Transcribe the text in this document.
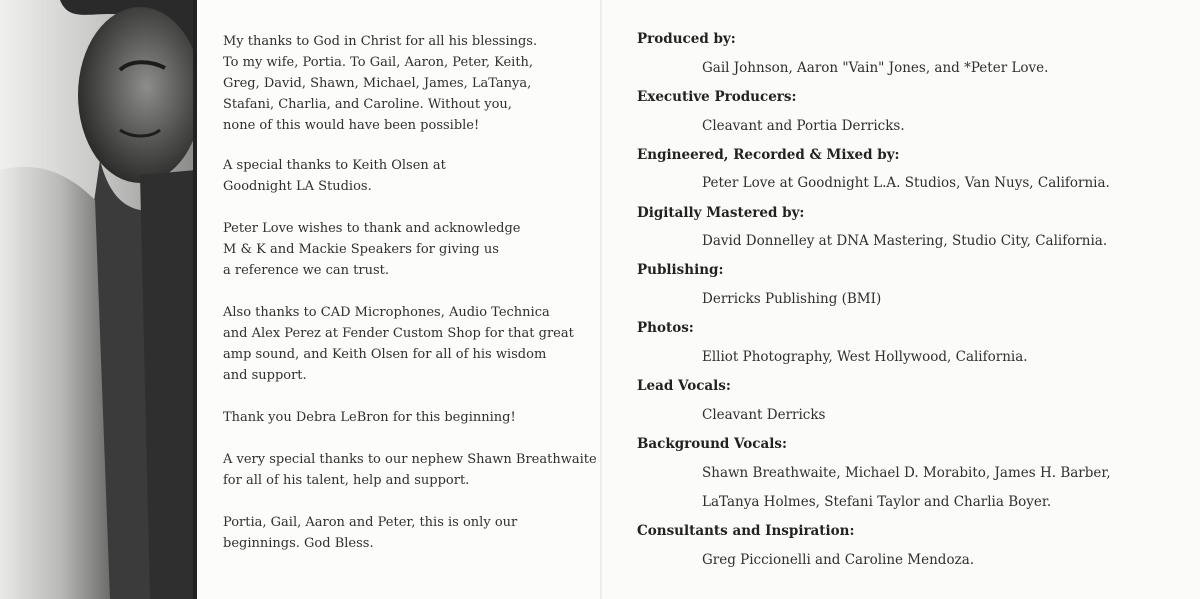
My thanks to God in Christ for all his blessings.
To my wife, Portia. To Gail, Aaron, Peter, Keith,
Greg, David, Shawn, Michael, James, LaTanya,
Stafani, Charlia, and Caroline. Without you,
none of this would have been possible!
A special thanks to Keith Olsen at
Goodnight LA Studios.
Peter Love wishes to thank and acknowledge
M & K and Mackie Speakers for giving us
a reference we can trust.
Also thanks to CAD Microphones, Audio Technica
and Alex Perez at Fender Custom Shop for that great
amp sound, and Keith Olsen for all of his wisdom
and support.
Thank you Debra LeBron for this beginning!
A very special thanks to our nephew Shawn Breathwaite
for all of his talent, help and support.
Portia, Gail, Aaron and Peter, this is only our
beginnings. God Bless.
Produced by:
Gail Johnson, Aaron "Vain" Jones, and *Peter Love.
Executive Producers:
Cleavant and Portia Derricks.
Engineered, Recorded & Mixed by:
Peter Love at Goodnight L.A. Studios, Van Nuys, California.
Digitally Mastered by:
David Donnelley at DNA Mastering, Studio City, California.
Publishing:
Derricks Publishing (BMI)
Photos:
Elliot Photography, West Hollywood, California.
Lead Vocals:
Cleavant Derricks
Background Vocals:
Shawn Breathwaite, Michael D. Morabito, James H. Barber,
LaTanya Holmes, Stefani Taylor and Charlia Boyer.
Consultants and Inspiration:
Greg Piccionelli and Caroline Mendoza.
